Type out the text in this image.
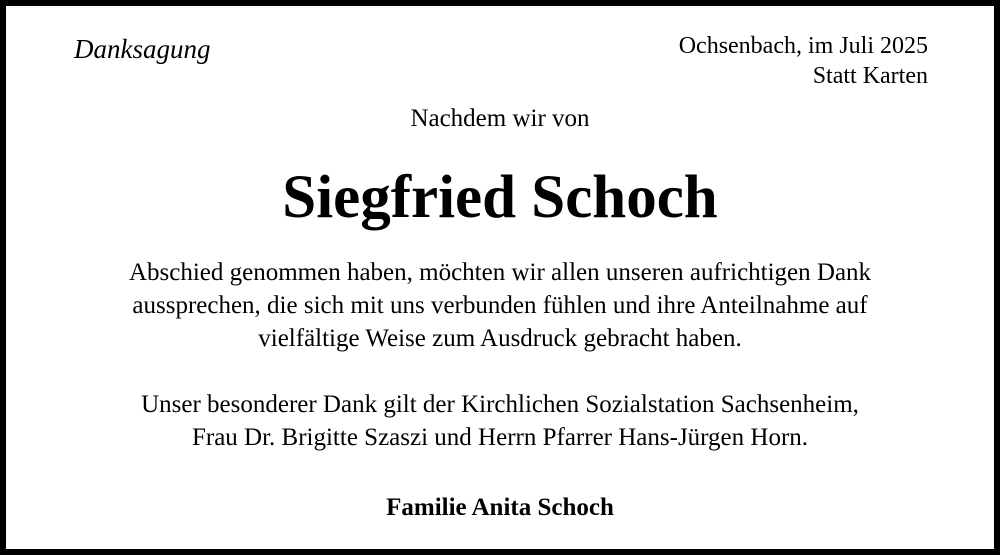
Danksagung	Ochsenbach, im Juli 2025
Statt Karten
Nachdem wir von
Siegfried Schoch
Abschied genommen haben, möchten wir allen unseren aufrichtigen Dank
aussprechen, die sich mit uns verbunden fühlen und ihre Anteilnahme auf
vielfältige Weise zum Ausdruck gebracht haben.
Unser besonderer Dank gilt der Kirchlichen Sozialstation Sachsenheim,
Frau Dr. Brigitte Szaszi und Herrn Pfarrer Hans-Jürgen Horn.
Familie Anita Schoch
